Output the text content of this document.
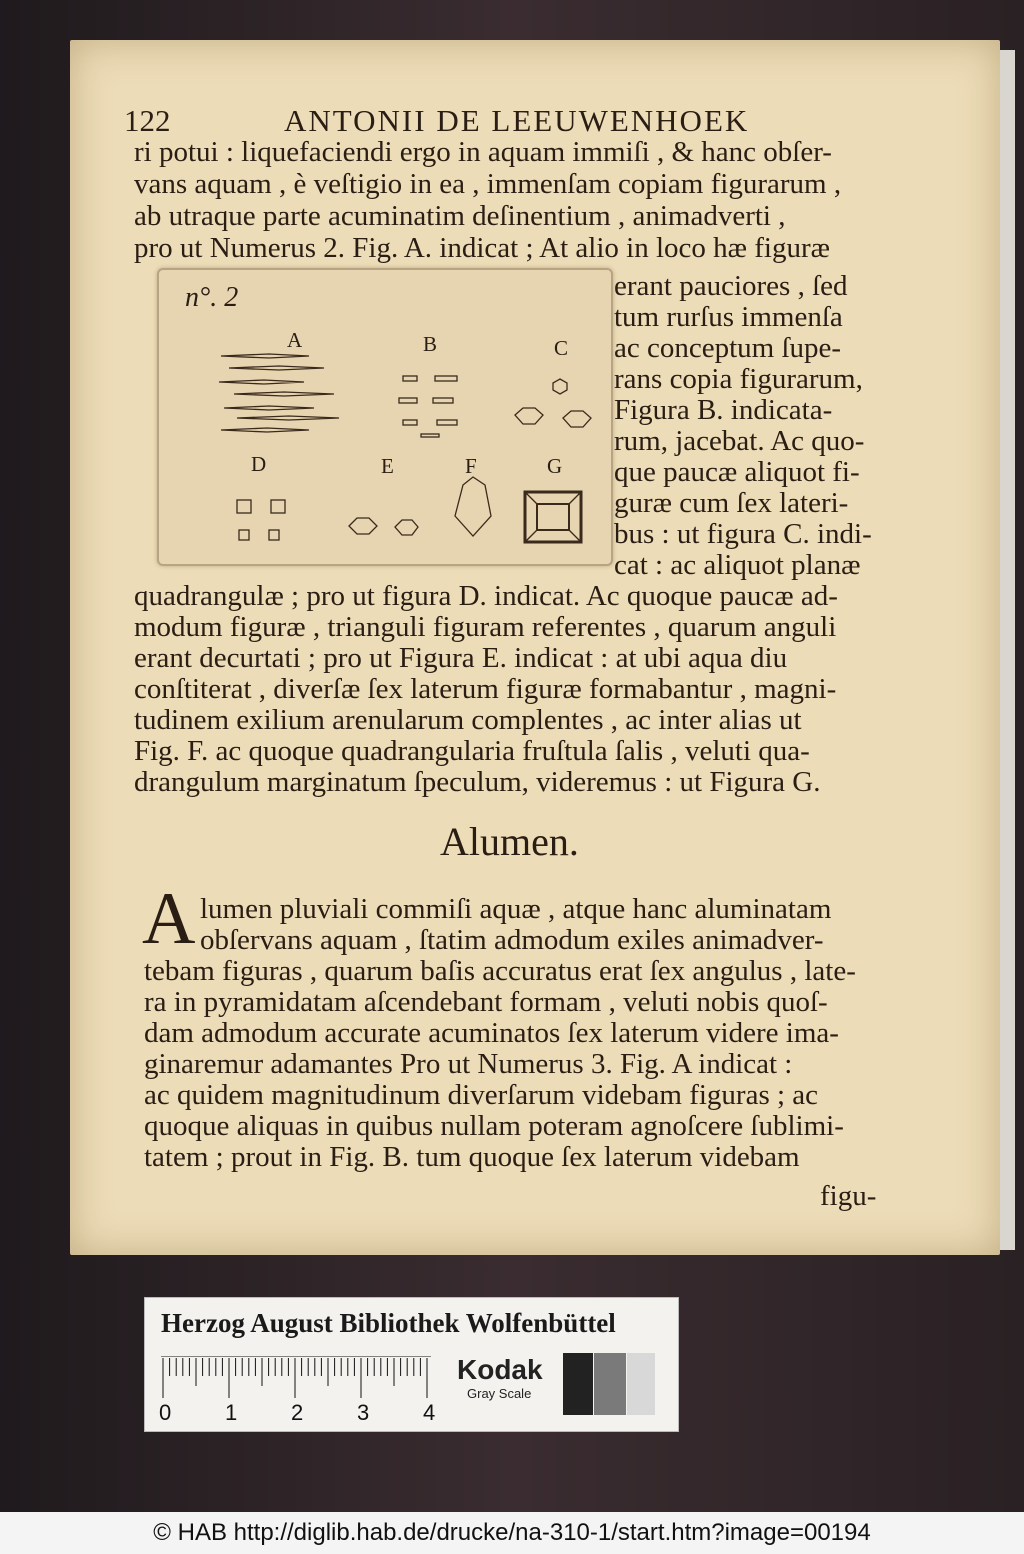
122	ANTONII DE LEEUWENHOEK
ri potui : liquefaciendi ergo in aquam immiſi , & hanc obſer-
vans aquam , è veſtigio in ea , immenſam copiam figurarum ,
ab utraque parte acuminatim deſinentium , animadverti ,
pro ut Numerus 2. Fig. A. indicat ; At alio in loco hæ figuræ
n°. 2
A	B	C
D	E	F	G
erant pauciores , ſed
tum rurſus immenſa
ac conceptum ſupe-
rans copia figurarum,
Figura B. indicata-
rum, jacebat. Ac quo-
que paucæ aliquot fi-
guræ cum ſex lateri-
bus : ut figura C. indi-
cat : ac aliquot planæ
quadrangulæ ; pro ut figura D. indicat. Ac quoque paucæ ad-
modum figuræ , trianguli figuram referentes , quarum anguli
erant decurtati ; pro ut Figura E. indicat : at ubi aqua diu
conſtiterat , diverſæ ſex laterum figuræ formabantur , magni-
tudinem exilium arenularum complentes , ac inter alias ut
Fig. F. ac quoque quadrangularia fruſtula ſalis , veluti qua-
drangulum marginatum ſpeculum, videremus : ut Figura G.
Alumen.
A lumen pluviali commiſi aquæ , atque hanc aluminatam
obſervans aquam , ſtatim admodum exiles animadver-
tebam figuras , quarum baſis accuratus erat ſex angulus , late-
ra in pyramidatam aſcendebant formam , veluti nobis quoſ-
dam admodum accurate acuminatos ſex laterum videre ima-
ginaremur adamantes Pro ut Numerus 3. Fig. A indicat :
ac quidem magnitudinum diverſarum videbam figuras ; ac
quoque aliquas in quibus nullam poteram agnoſcere ſublimi-
tatem ; prout in Fig. B. tum quoque ſex laterum videbam
figu-
Herzog August Bibliothek Wolfenbüttel
0 1 2 3 4
Kodak
Gray Scale
© HAB http://diglib.hab.de/drucke/na-310-1/start.htm?image=00194
